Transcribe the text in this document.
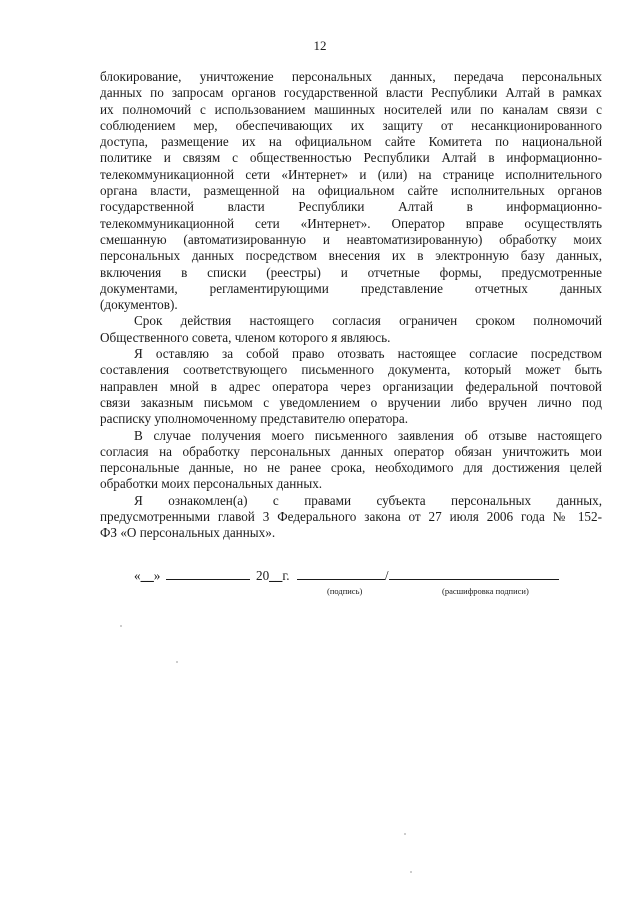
12

блокирование, уничтожение персональных данных, передача персональных
данных по запросам органов государственной власти Республики Алтай в рамках
их полномочий с использованием машинных носителей или по каналам связи с
соблюдением мер, обеспечивающих их защиту от несанкционированного
доступа, размещение их на официальном сайте Комитета по национальной
политике и связям с общественностью Республики Алтай в информационно-
телекоммуникационной сети «Интернет» и (или) на странице исполнительного
органа власти, размещенной на официальном сайте исполнительных органов
государственной власти Республики Алтай в информационно-
телекоммуникационной сети «Интернет». Оператор вправе осуществлять
смешанную (автоматизированную и неавтоматизированную) обработку моих
персональных данных посредством внесения их в электронную базу данных,
включения в списки (реестры) и отчетные формы, предусмотренные
документами, регламентирующими представление отчетных данных
(документов).

Срок действия настоящего согласия ограничен сроком полномочий
Общественного совета, членом которого я являюсь.

Я оставляю за собой право отозвать настоящее согласие посредством
составления соответствующего письменного документа, который может быть
направлен мной в адрес оператора через организации федеральной почтовой
связи заказным письмом с уведомлением о вручении либо вручен лично под
расписку уполномоченному представителю оператора.

В случае получения моего письменного заявления об отзыве настоящего
согласия на обработку персональных данных оператор обязан уничтожить мои
персональные данные, но не ранее срока, необходимого для достижения целей
обработки моих персональных данных.

Я ознакомлен(а) с правами субъекта персональных данных,
предусмотренными главой 3 Федерального закона от 27 июля 2006 года № 152-
ФЗ «О персональных данных».

«__»	20__г.	/
(подпись)	(расшифровка подписи)
